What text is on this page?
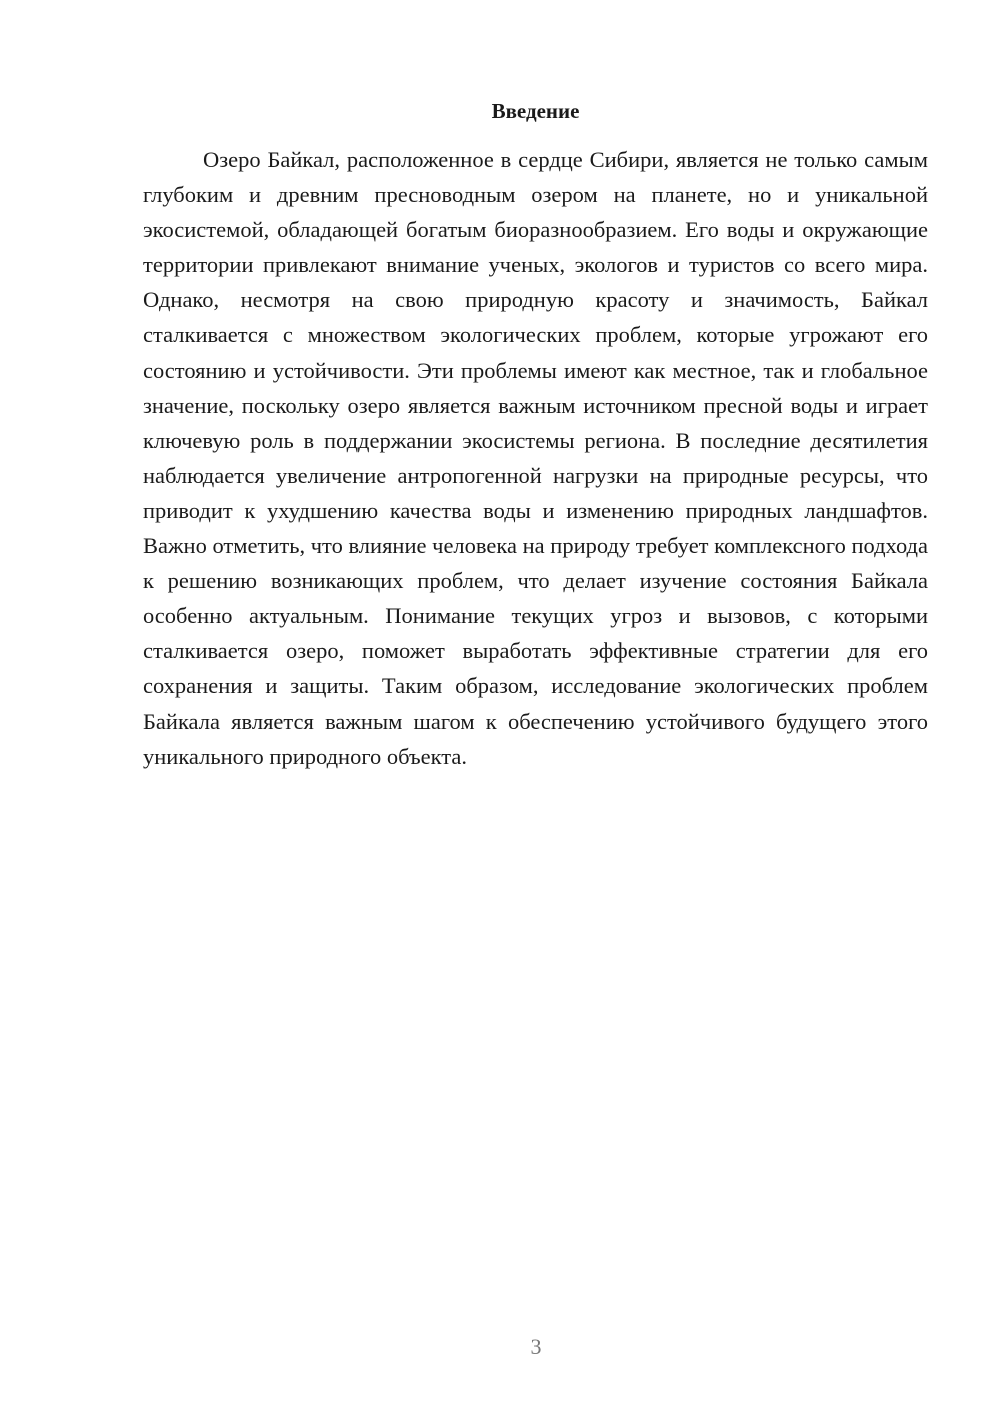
Введение

Озеро Байкал, расположенное в сердце Сибири, является не только самым глубоким и древним пресноводным озером на планете, но и уникальной экосистемой, обладающей богатым биоразнообразием. Его воды и окружающие территории привлекают внимание ученых, экологов и туристов со всего мира. Однако, несмотря на свою природную красоту и значимость, Байкал сталкивается с множеством экологических проблем, которые угрожают его состоянию и устойчивости. Эти проблемы имеют как местное, так и глобальное значение, поскольку озеро является важным источником пресной воды и играет ключевую роль в поддержании экосистемы региона. В последние десятилетия наблюдается увеличение антропогенной нагрузки на природные ресурсы, что приводит к ухудшению качества воды и изменению природных ландшафтов. Важно отметить, что влияние человека на природу требует комплексного подхода к решению возникающих проблем, что делает изучение состояния Байкала особенно актуальным. Понимание текущих угроз и вызовов, с которыми сталкивается озеро, поможет выработать эффективные стратегии для его сохранения и защиты. Таким образом, исследование экологических проблем Байкала является важным шагом к обеспечению устойчивого будущего этого уникального природного объекта.

3
